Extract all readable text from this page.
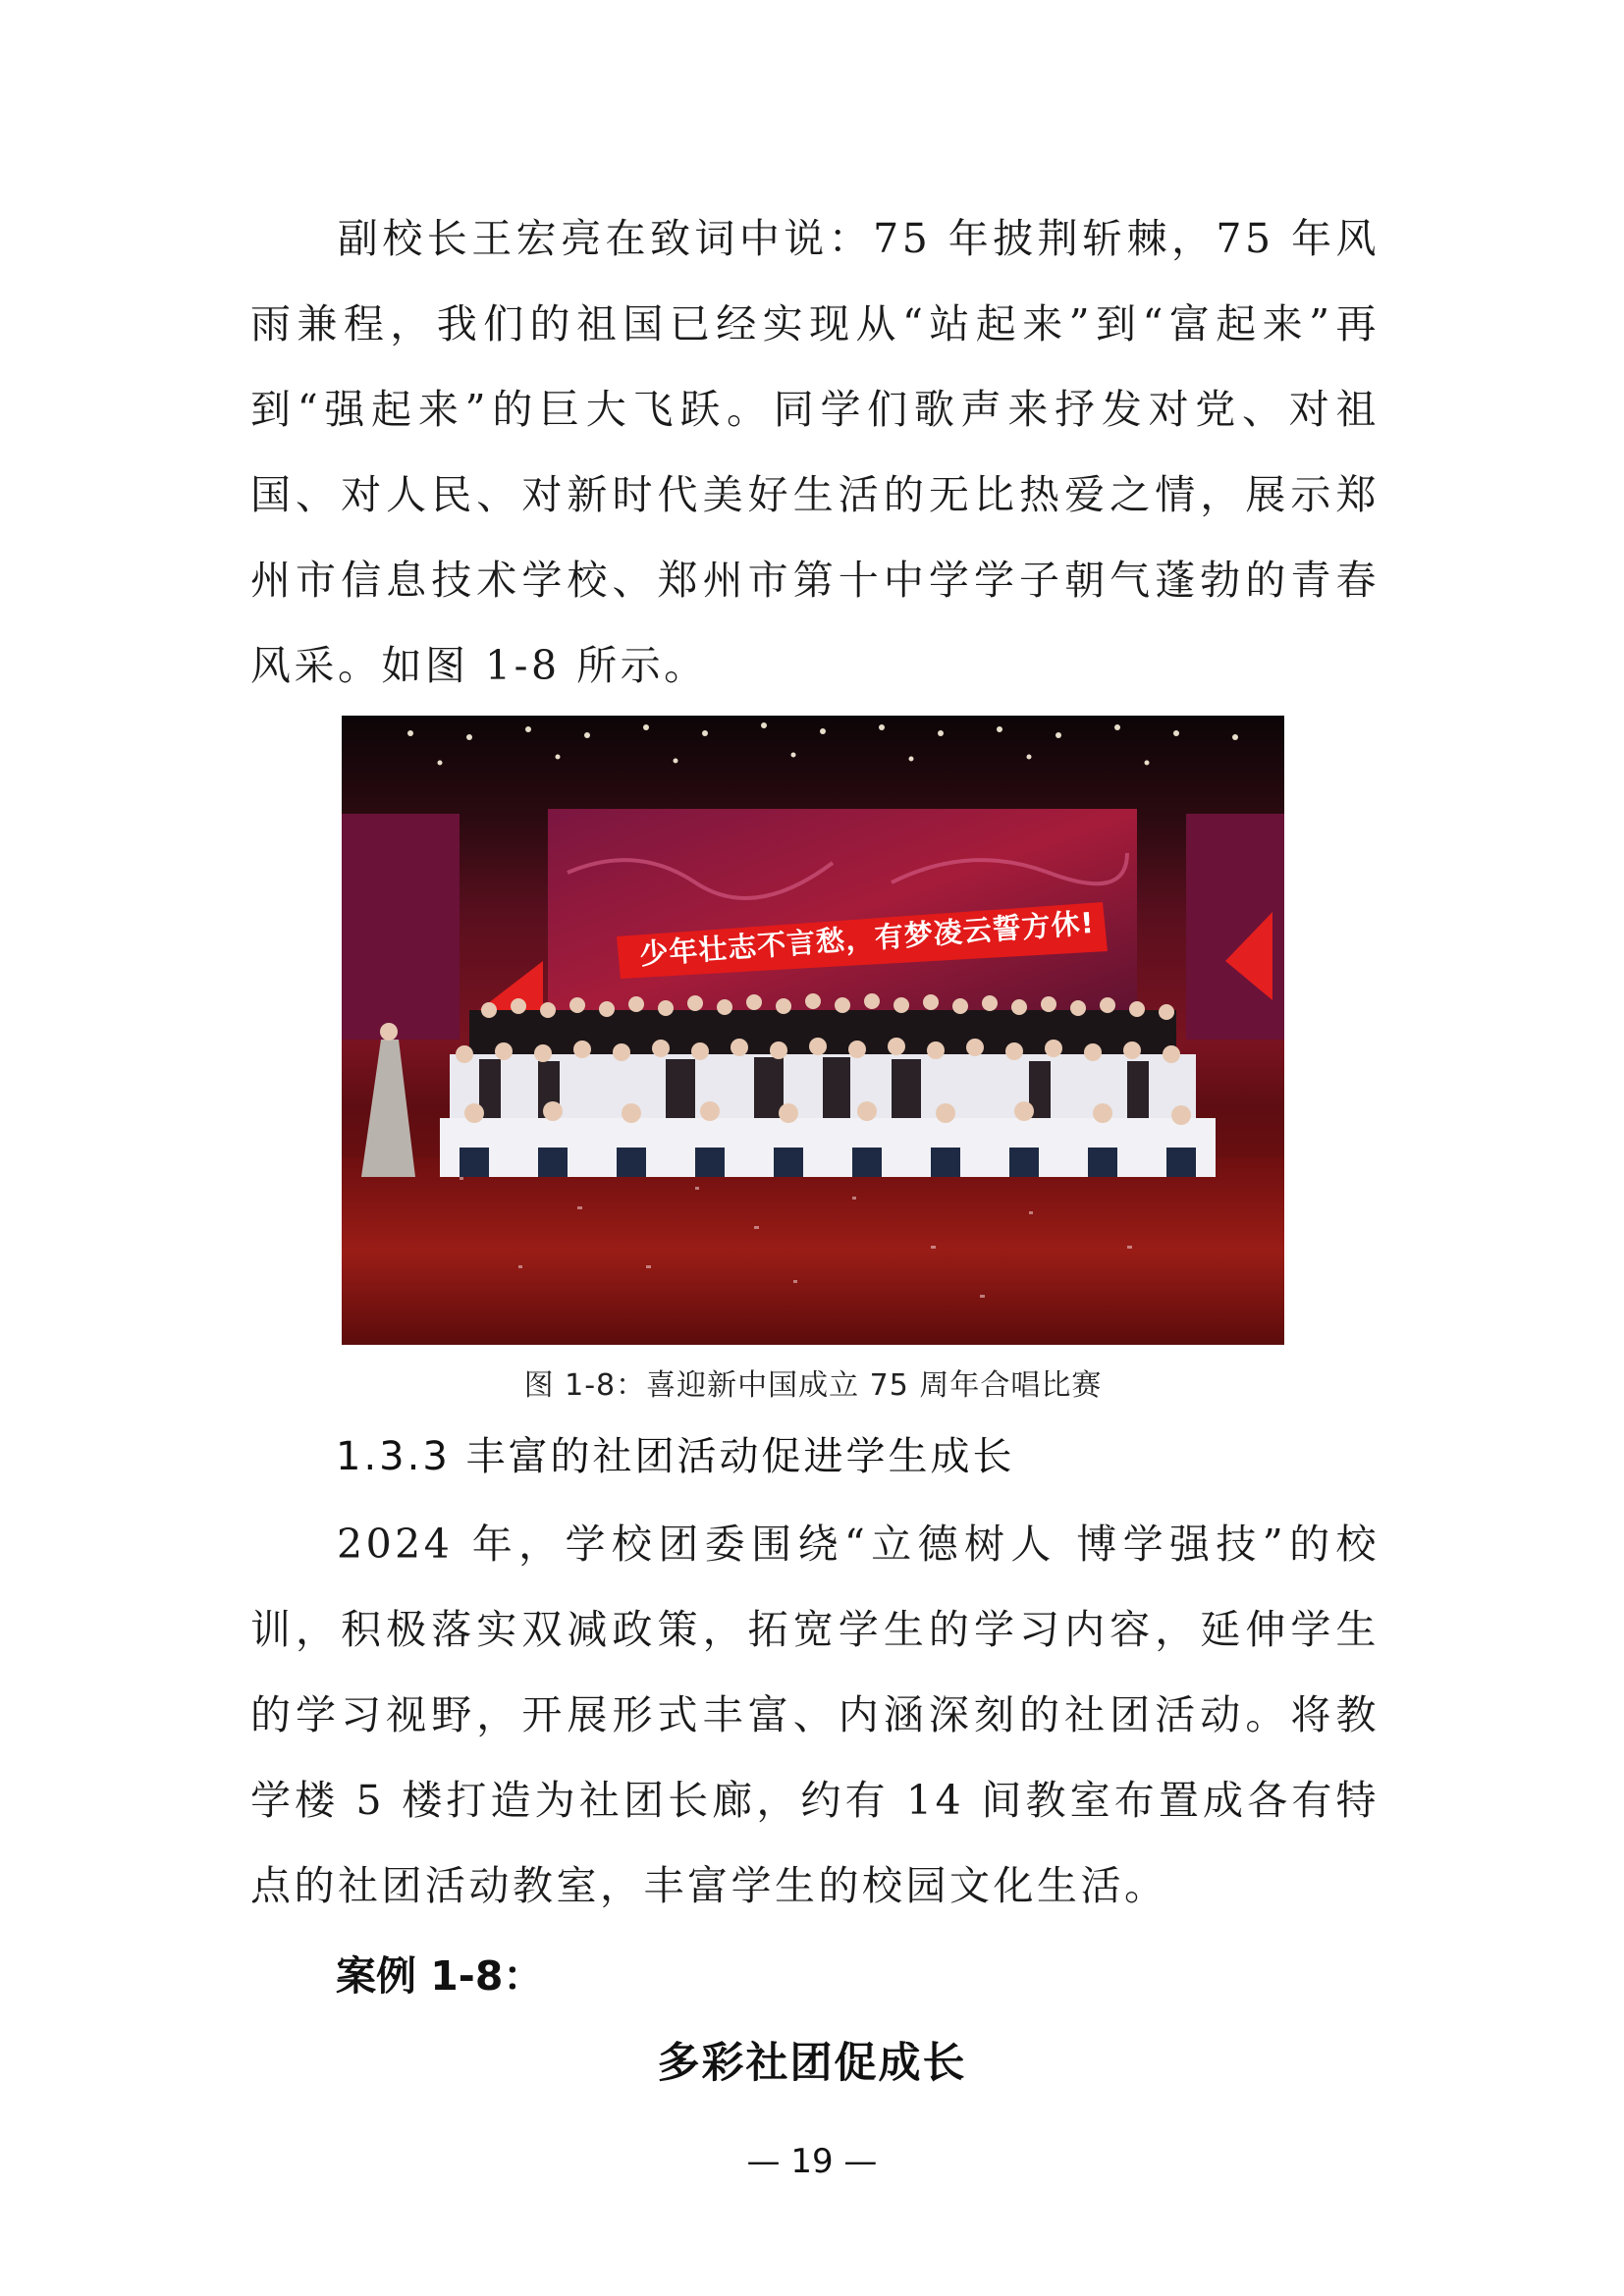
副校长王宏亮在致词中说：75 年披荆斩棘，75 年风雨兼程，我们的祖国已经实现从“站起来”到“富起来”再到“强起来”的巨大飞跃。同学们歌声来抒发对党、对祖国、对人民、对新时代美好生活的无比热爱之情，展示郑州市信息技术学校、郑州市第十中学学子朝气蓬勃的青春风采。如图 1-8 所示。

少年壮志不言愁，有梦凌云誓方休!
图 1-8：喜迎新中国成立 75 周年合唱比赛
1.3.3 丰富的社团活动促进学生成长

2024 年，学校团委围绕“立德树人 博学强技”的校训，积极落实双减政策，拓宽学生的学习内容，延伸学生的学习视野，开展形式丰富、内涵深刻的社团活动。将教学楼 5 楼打造为社团长廊，约有 14 间教室布置成各有特点的社团活动教室，丰富学生的校园文化生活。

案例 1-8：
多彩社团促成长
— 19 —
